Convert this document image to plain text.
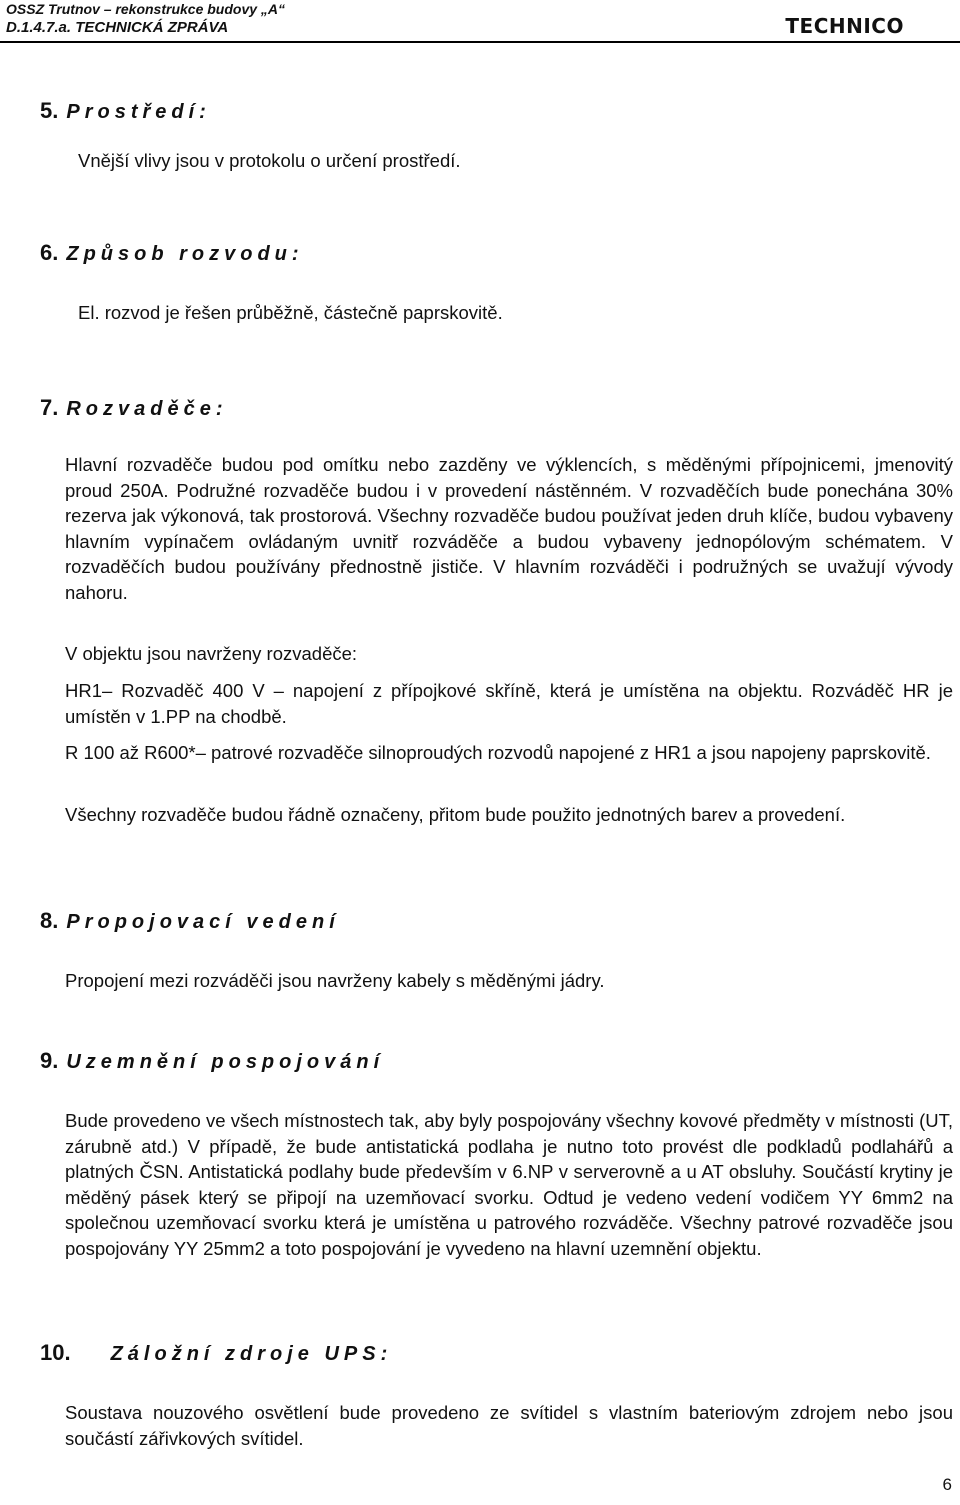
OSSZ Trutnov – rekonstrukce budovy „A“
D.1.4.7.a. TECHNICKÁ ZPRÁVA	TECHNICO
5. Prostředí:

Vnější vlivy jsou v protokolu o určení prostředí.

6. Způsob rozvodu:

El. rozvod je řešen průběžně, částečně paprskovitě.

7. Rozvaděče:

Hlavní rozvaděče budou pod omítku nebo zazděny ve výklencích, s měděnými přípojnicemi, jmenovitý proud 250A. Podružné rozvaděče budou i v provedení nástěnném. V rozvaděčích bude ponechána 30% rezerva jak výkonová, tak prostorová. Všechny rozvaděče budou používat jeden druh klíče, budou vybaveny hlavním vypínačem ovládaným uvnitř rozváděče a budou vybaveny jednopólovým schématem. V rozvaděčích budou používány přednostně jističe. V hlavním rozváděči i podružných se uvažují vývody nahoru.

V objektu jsou navrženy rozvaděče:

HR1– Rozvaděč 400 V – napojení z přípojkové skříně, která je umístěna na objektu. Rozváděč HR je umístěn v 1.PP na chodbě.

R 100 až R600*– patrové rozvaděče silnoproudých rozvodů napojené z HR1 a jsou napojeny paprskovitě.

Všechny rozvaděče budou řádně označeny, přitom bude použito jednotných barev a provedení.

8. Propojovací vedení

Propojení mezi rozváděči jsou navrženy kabely s měděnými jádry.

9. Uzemnění pospojování

Bude provedeno ve všech místnostech tak, aby byly pospojovány všechny kovové předměty v místnosti (UT, zárubně atd.) V případě, že bude antistatická podlaha je nutno toto provést dle podkladů podlahářů a platných ČSN. Antistatická podlahy bude především v 6.NP v serverovně a u AT obsluhy. Součástí krytiny je měděný pásek který se připojí na uzemňovací svorku. Odtud je vedeno vedení vodičem YY 6mm2 na společnou uzemňovací svorku která je umístěna u patrového rozváděče. Všechny patrové rozvaděče jsou pospojovány YY 25mm2 a toto pospojování je vyvedeno na hlavní uzemnění objektu.

10. Záložní zdroje UPS:

Soustava nouzového osvětlení bude provedeno ze svítidel s vlastním bateriovým zdrojem nebo jsou součástí zářivkových svítidel.

6
